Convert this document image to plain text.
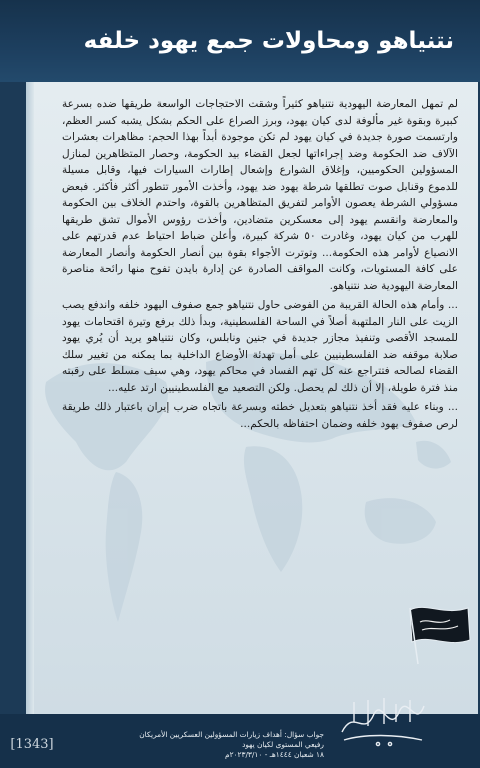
نتنياهو ومحاولات جمع يهود خلفه

لم تمهل المعارضة اليهودية نتنياهو كثيراً وشقت الاحتجاجات الواسعة طريقها ضده بسرعة كبيرة وبقوة غير مألوفة لدى كيان يهود، وبرز الصراع على الحكم بشكل يشبه كسر العظم، وارتسمت صورة جديدة في كيان يهود لم تكن موجودة أبداً بهذا الحجم: مظاهرات بعشرات الآلاف ضد الحكومة وضد إجراءاتها لجعل القضاء بيد الحكومة، وحصار المتظاهرين لمنازل المسؤولين الحكوميين، وإغلاق الشوارع وإشعال إطارات السيارات فيها، وقابل مسيلة للدموع وقنابل صوت تطلقها شرطة يهود ضد يهود، وأخذت الأمور تتطور أكثر فأكثر. فبعض مسؤولي الشرطة يعصون الأوامر لتفريق المتظاهرين بالقوة، واحتدم الخلاف بين الحكومة والمعارضة وانقسم يهود إلى معسكرين متضادين، وأخذت رؤوس الأموال تشق طريقها للهرب من كيان يهود، وغادرت ٥٠ شركة كبيرة، وأعلن ضباط احتياط عدم قدرتهم على الانصياع لأوامر هذه الحكومة... وتوترت الأجواء بقوة بين أنصار الحكومة وأنصار المعارضة على كافة المستويات، وكانت المواقف الصادرة عن إدارة بايدن تفوح منها رائحة مناصرة المعارضة اليهودية ضد نتنياهو.

... وأمام هذه الحالة القريبة من الفوضى حاول نتنياهو جمع صفوف اليهود خلفه واندفع يصب الزيت على النار الملتهبة أصلاً في الساحة الفلسطينية، وبدأ ذلك برفع وتيرة اقتحامات يهود للمسجد الأقصى وتنفيذ مجازر جديدة في جنين ونابلس، وكان نتنياهو يريد أن يُري يهود صلابة موقفه ضد الفلسطينيين على أمل تهدئة الأوضاع الداخلية بما يمكنه من تغيير سلك القضاء لصالحه فتتراجع عنه كل تهم الفساد في محاكم يهود، وهي سيف مسلط على رقبته منذ فترة طويلة، إلا أن ذلك لم يحصل. ولكن التصعيد مع الفلسطينيين ارتد عليه...

... وبناء عليه فقد أخذ نتنياهو بتعديل خطته وبسرعة باتجاه ضرب إيران باعتبار ذلك طريقة لرص صفوف يهود خلفه وضمان احتفاظه بالحكم...

جواب سؤال: أهداف زيارات المسؤولين العسكريين الأمريكان رفيعي المستوى لكيان يهود
١٨ شعبان ١٤٤٤هـ - ٢٠٢٣/٣/١٠م
[1343]
